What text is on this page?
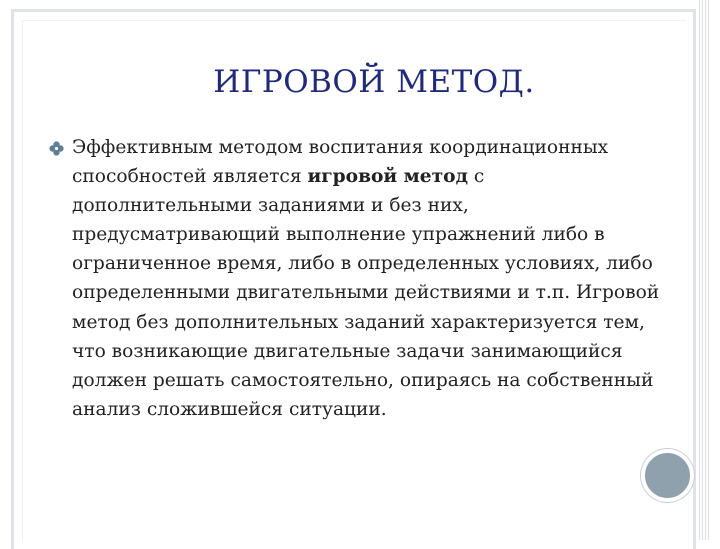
ИГРОВОЙ МЕТОД.
Эффективным методом воспитания координационных способностей является игровой метод с дополнительными заданиями и без них, предусматривающий выполнение упражнений либо в ограниченное время, либо в определенных условиях, либо определенными двигательными действиями и т.п. Игровой метод без дополнительных заданий характеризуется тем, что возникающие двигательные задачи занимающийся должен решать самостоятельно, опираясь на собственный анализ сложившейся ситуации.
